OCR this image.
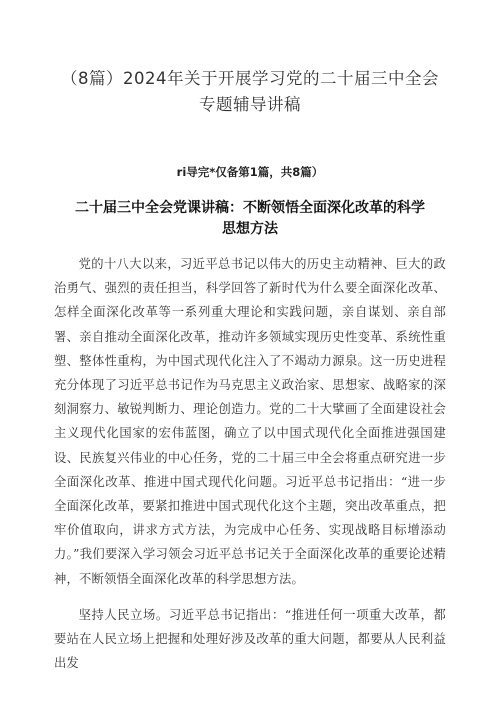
（8篇）2024年关于开展学习党的二十届三中全会
专题辅导讲稿
ri导完*仅备第1篇，共8篇）
二十届三中全会党课讲稿：不断领悟全面深化改革的科学
思想方法

党的十八大以来，习近平总书记以伟大的历史主动精神、巨大的政治勇气、强烈的责任担当，科学回答了新时代为什么要全面深化改革、怎样全面深化改革等一系列重大理论和实践问题，亲自谋划、亲自部署、亲自推动全面深化改革，推动许多领域实现历史性变革、系统性重塑、整体性重构，为中国式现代化注入了不竭动力源泉。这一历史进程充分体现了习近平总书记作为马克思主义政治家、思想家、战略家的深刻洞察力、敏锐判断力、理论创造力。党的二十大擘画了全面建设社会主义现代化国家的宏伟蓝图，确立了以中国式现代化全面推进强国建设、民族复兴伟业的中心任务，党的二十届三中全会将重点研究进一步全面深化改革、推进中国式现代化问题。习近平总书记指出：“进一步全面深化改革，要紧扣推进中国式现代化这个主题，突出改革重点，把牢价值取向，讲求方式方法，为完成中心任务、实现战略目标增添动力。”我们要深入学习领会习近平总书记关于全面深化改革的重要论述精神，不断领悟全面深化改革的科学思想方法。

坚持人民立场。习近平总书记指出：“推进任何一项重大改革，都要站在人民立场上把握和处理好涉及改革的重大问题，都要从人民利益出发
